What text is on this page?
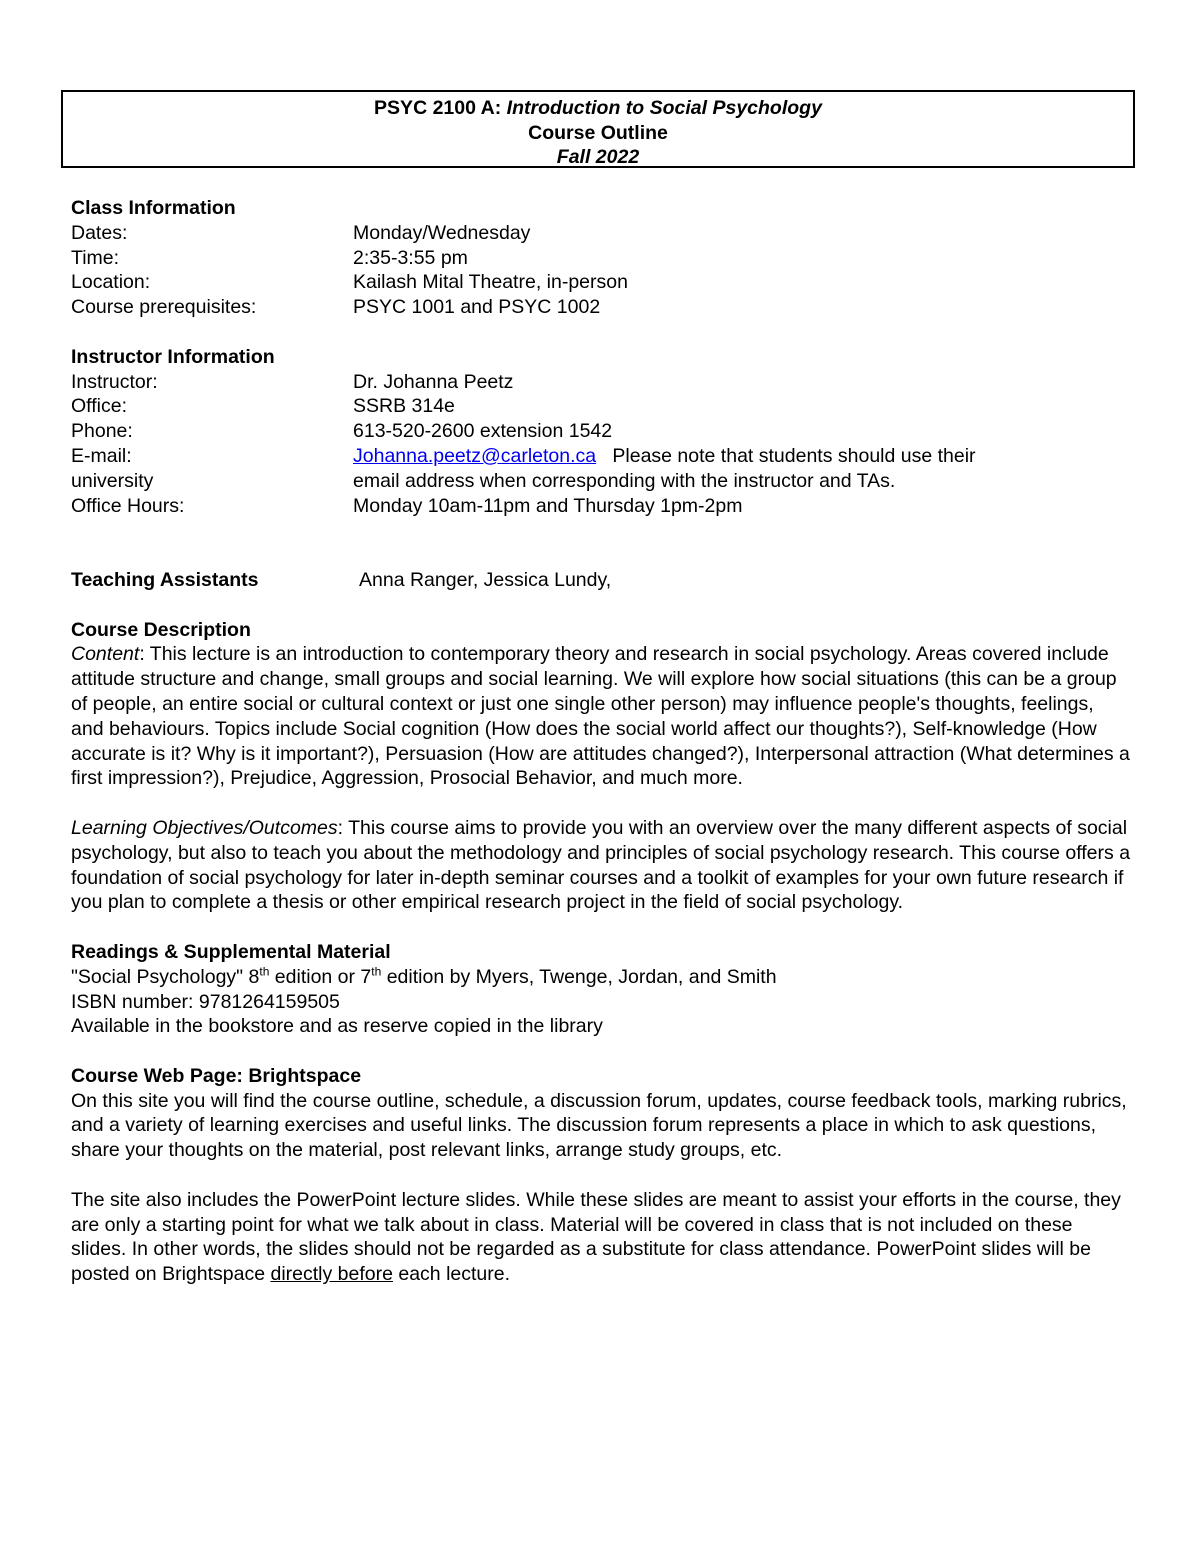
PSYC 2100 A: Introduction to Social Psychology
Course Outline
Fall 2022
Class Information
Dates:	Monday/Wednesday
Time:	2:35-3:55 pm
Location:	Kailash Mital Theatre, in-person
Course prerequisites:	PSYC 1001 and PSYC 1002
Instructor Information
Instructor:	Dr. Johanna Peetz
Office:	SSRB 314e
Phone:	613-520-2600 extension 1542
E-mail:	Johanna.peetz@carleton.ca Please note that students should use their
university	email address when corresponding with the instructor and TAs.
Office Hours:	Monday 10am-11pm and Thursday 1pm-2pm
Teaching Assistants	Anna Ranger, Jessica Lundy,
Course Description

Content: This lecture is an introduction to contemporary theory and research in social psychology. Areas covered include attitude structure and change, small groups and social learning. We will explore how social situations (this can be a group of people, an entire social or cultural context or just one single other person) may influence people's thoughts, feelings, and behaviours. Topics include Social cognition (How does the social world affect our thoughts?), Self-knowledge (How accurate is it? Why is it important?), Persuasion (How are attitudes changed?), Interpersonal attraction (What determines a first impression?), Prejudice, Aggression, Prosocial Behavior, and much more.

Learning Objectives/Outcomes: This course aims to provide you with an overview over the many different aspects of social psychology, but also to teach you about the methodology and principles of social psychology research. This course offers a foundation of social psychology for later in-depth seminar courses and a toolkit of examples for your own future research if you plan to complete a thesis or other empirical research project in the field of social psychology.

Readings & Supplemental Material
"Social Psychology" 8th edition or 7th edition by Myers, Twenge, Jordan, and Smith
ISBN number: 9781264159505
Available in the bookstore and as reserve copied in the library
Course Web Page: Brightspace

On this site you will find the course outline, schedule, a discussion forum, updates, course feedback tools, marking rubrics, and a variety of learning exercises and useful links. The discussion forum represents a place in which to ask questions, share your thoughts on the material, post relevant links, arrange study groups, etc.

The site also includes the PowerPoint lecture slides. While these slides are meant to assist your efforts in the course, they are only a starting point for what we talk about in class. Material will be covered in class that is not included on these slides. In other words, the slides should not be regarded as a substitute for class attendance. PowerPoint slides will be posted on Brightspace directly before each lecture.
